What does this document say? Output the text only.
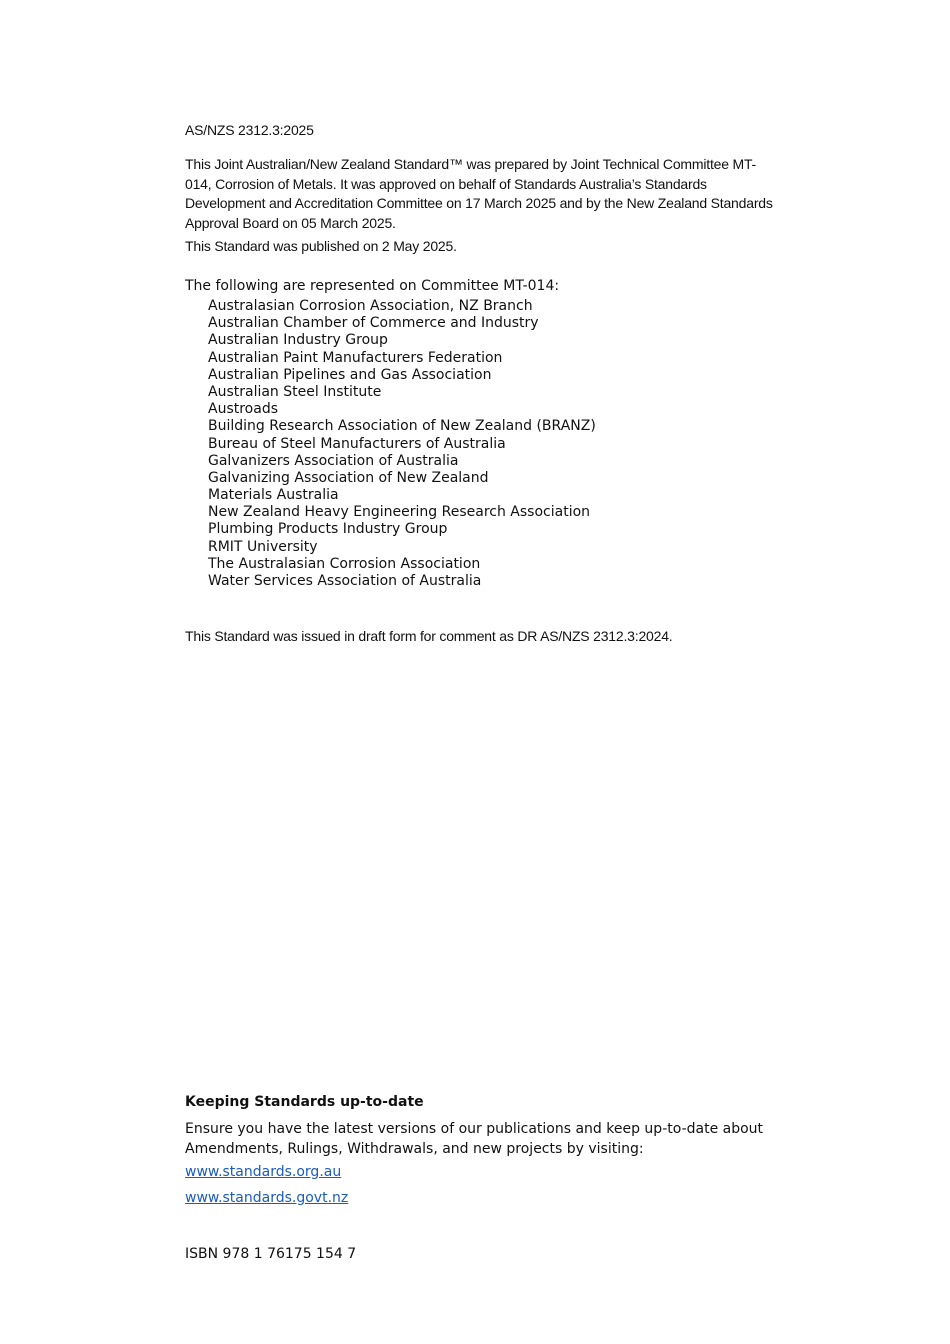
AS/NZS 2312.3:2025
This Joint Australian/New Zealand Standard™ was prepared by Joint Technical Committee MT-014, Corrosion of Metals. It was approved on behalf of Standards Australia’s Standards Development and Accreditation Committee on 17 March 2025 and by the New Zealand Standards Approval Board on 05 March 2025.
This Standard was published on 2 May 2025.
The following are represented on Committee MT-014:
Australasian Corrosion Association, NZ Branch
Australian Chamber of Commerce and Industry
Australian Industry Group
Australian Paint Manufacturers Federation
Australian Pipelines and Gas Association
Australian Steel Institute
Austroads
Building Research Association of New Zealand (BRANZ)
Bureau of Steel Manufacturers of Australia
Galvanizers Association of Australia
Galvanizing Association of New Zealand
Materials Australia
New Zealand Heavy Engineering Research Association
Plumbing Products Industry Group
RMIT University
The Australasian Corrosion Association
Water Services Association of Australia
This Standard was issued in draft form for comment as DR AS/NZS 2312.3:2024.
Keeping Standards up-to-date
Ensure you have the latest versions of our publications and keep up-to-date about Amendments, Rulings, Withdrawals, and new projects by visiting:
www.standards.org.au
www.standards.govt.nz
ISBN 978 1 76175 154 7
